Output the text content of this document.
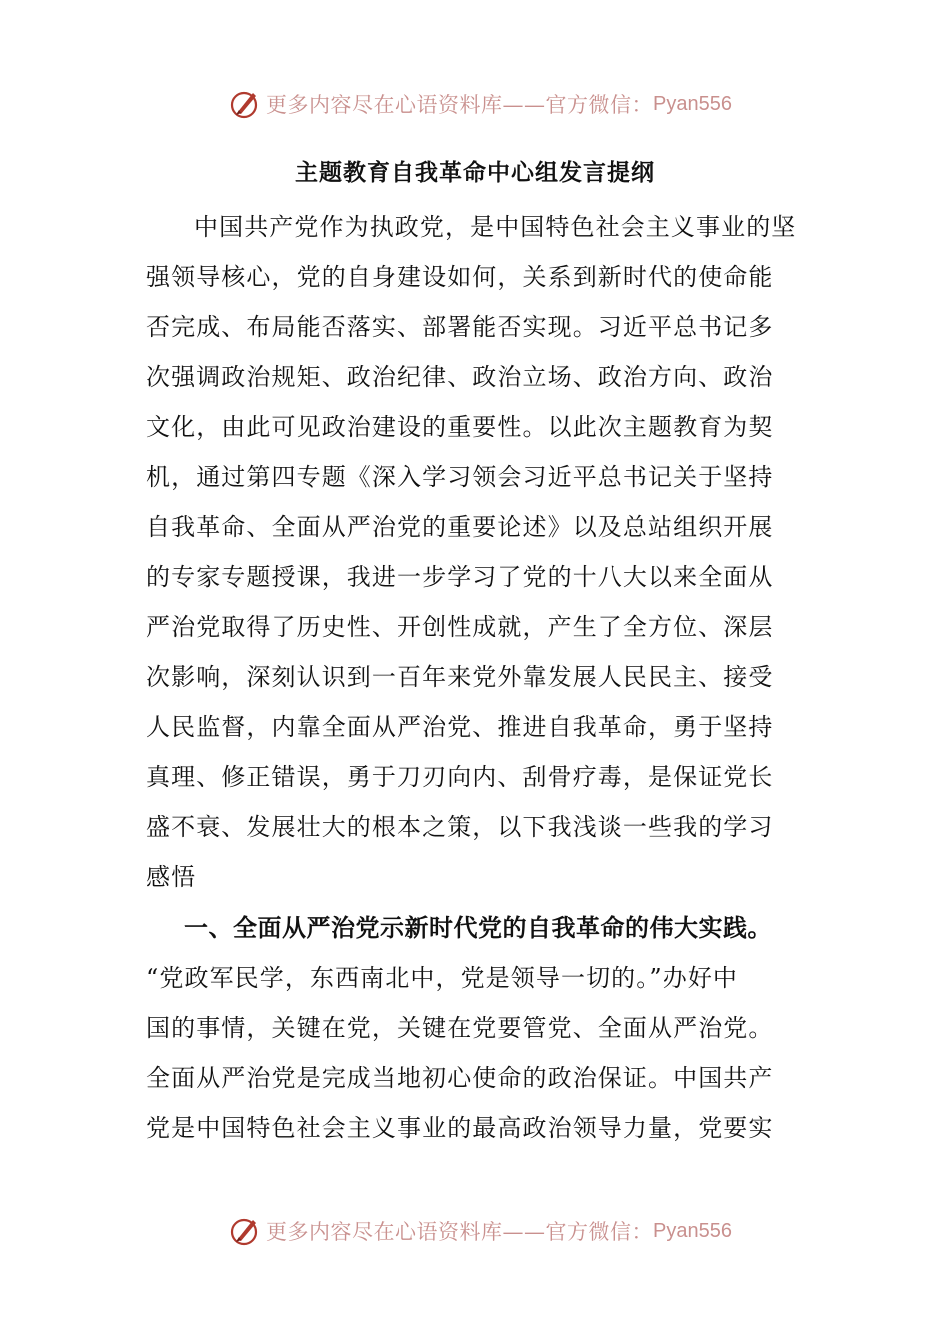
更多内容尽在心语资料库——官方微信： Pyan556
主题教育自我革命中心组发言提纲
中国共产党作为执政党，是中国特色社会主义事业的坚
强领导核心，党的自身建设如何，关系到新时代的使命能
否完成、布局能否落实、部署能否实现。习近平总书记多
次强调政治规矩、政治纪律、政治立场、政治方向、政治
文化，由此可见政治建设的重要性。以此次主题教育为契
机，通过第四专题《深入学习领会习近平总书记关于坚持
自我革命、全面从严治党的重要论述》以及总站组织开展
的专家专题授课，我进一步学习了党的十八大以来全面从
严治党取得了历史性、开创性成就，产生了全方位、深层
次影响，深刻认识到一百年来党外靠发展人民民主、接受
人民监督，内靠全面从严治党、推进自我革命，勇于坚持
真理、修正错误，勇于刀刃向内、刮骨疗毒，是保证党长
盛不衰、发展壮大的根本之策，以下我浅谈一些我的学习
感悟
一、全面从严治党示新时代党的自我革命的伟大实践。
“党政军民学，东西南北中，党是领导一切的。”办好中
国的事情，关键在党，关键在党要管党、全面从严治党。
全面从严治党是完成当地初心使命的政治保证。中国共产
党是中国特色社会主义事业的最高政治领导力量，党要实
更多内容尽在心语资料库——官方微信： Pyan556
